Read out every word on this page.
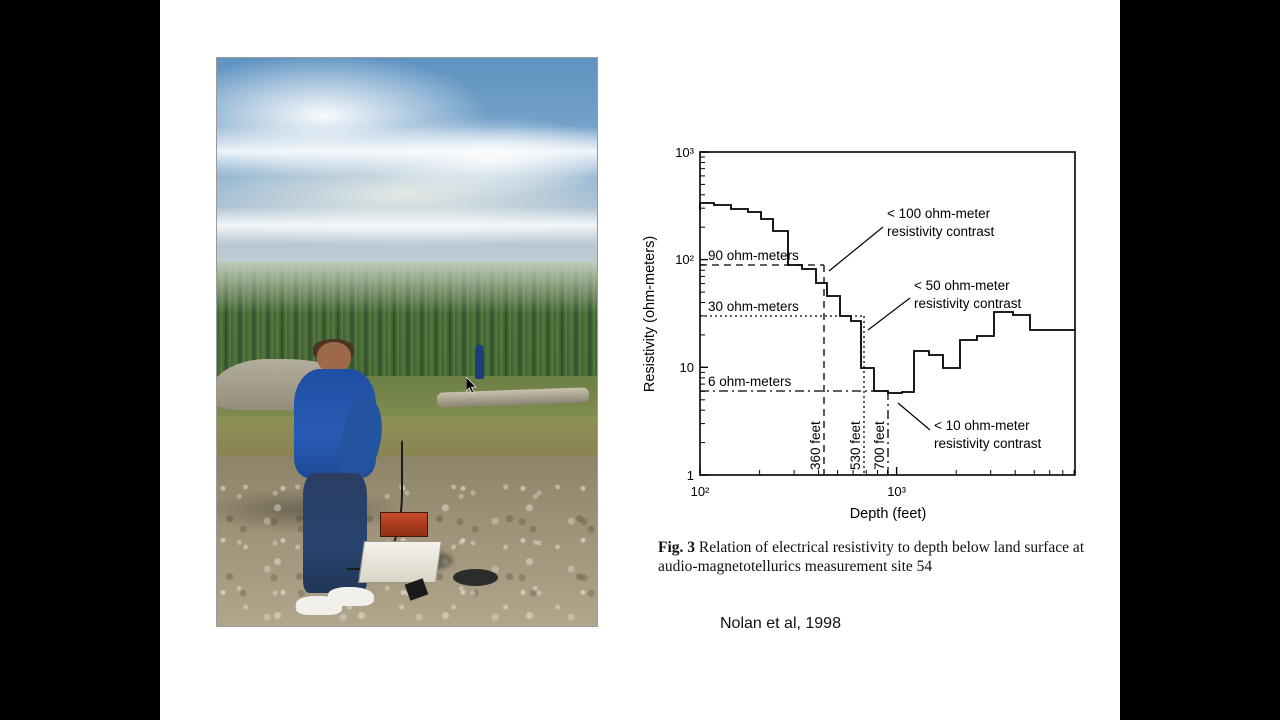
1
10
10²
10³
10²	10³
Depth (feet)
Resistivity (ohm-meters)	90 ohm-meters
30 ohm-meters
6 ohm-meters
360 feet 530 feet 700 feet
< 100 ohm-meter
resistivity contrast
< 50 ohm-meter
resistivity contrast
< 10 ohm-meter
resistivity contrast
Fig. 3 Relation of electrical resistivity to depth below land surface at audio-magnetotellurics measurement site 54
Nolan et al, 1998
